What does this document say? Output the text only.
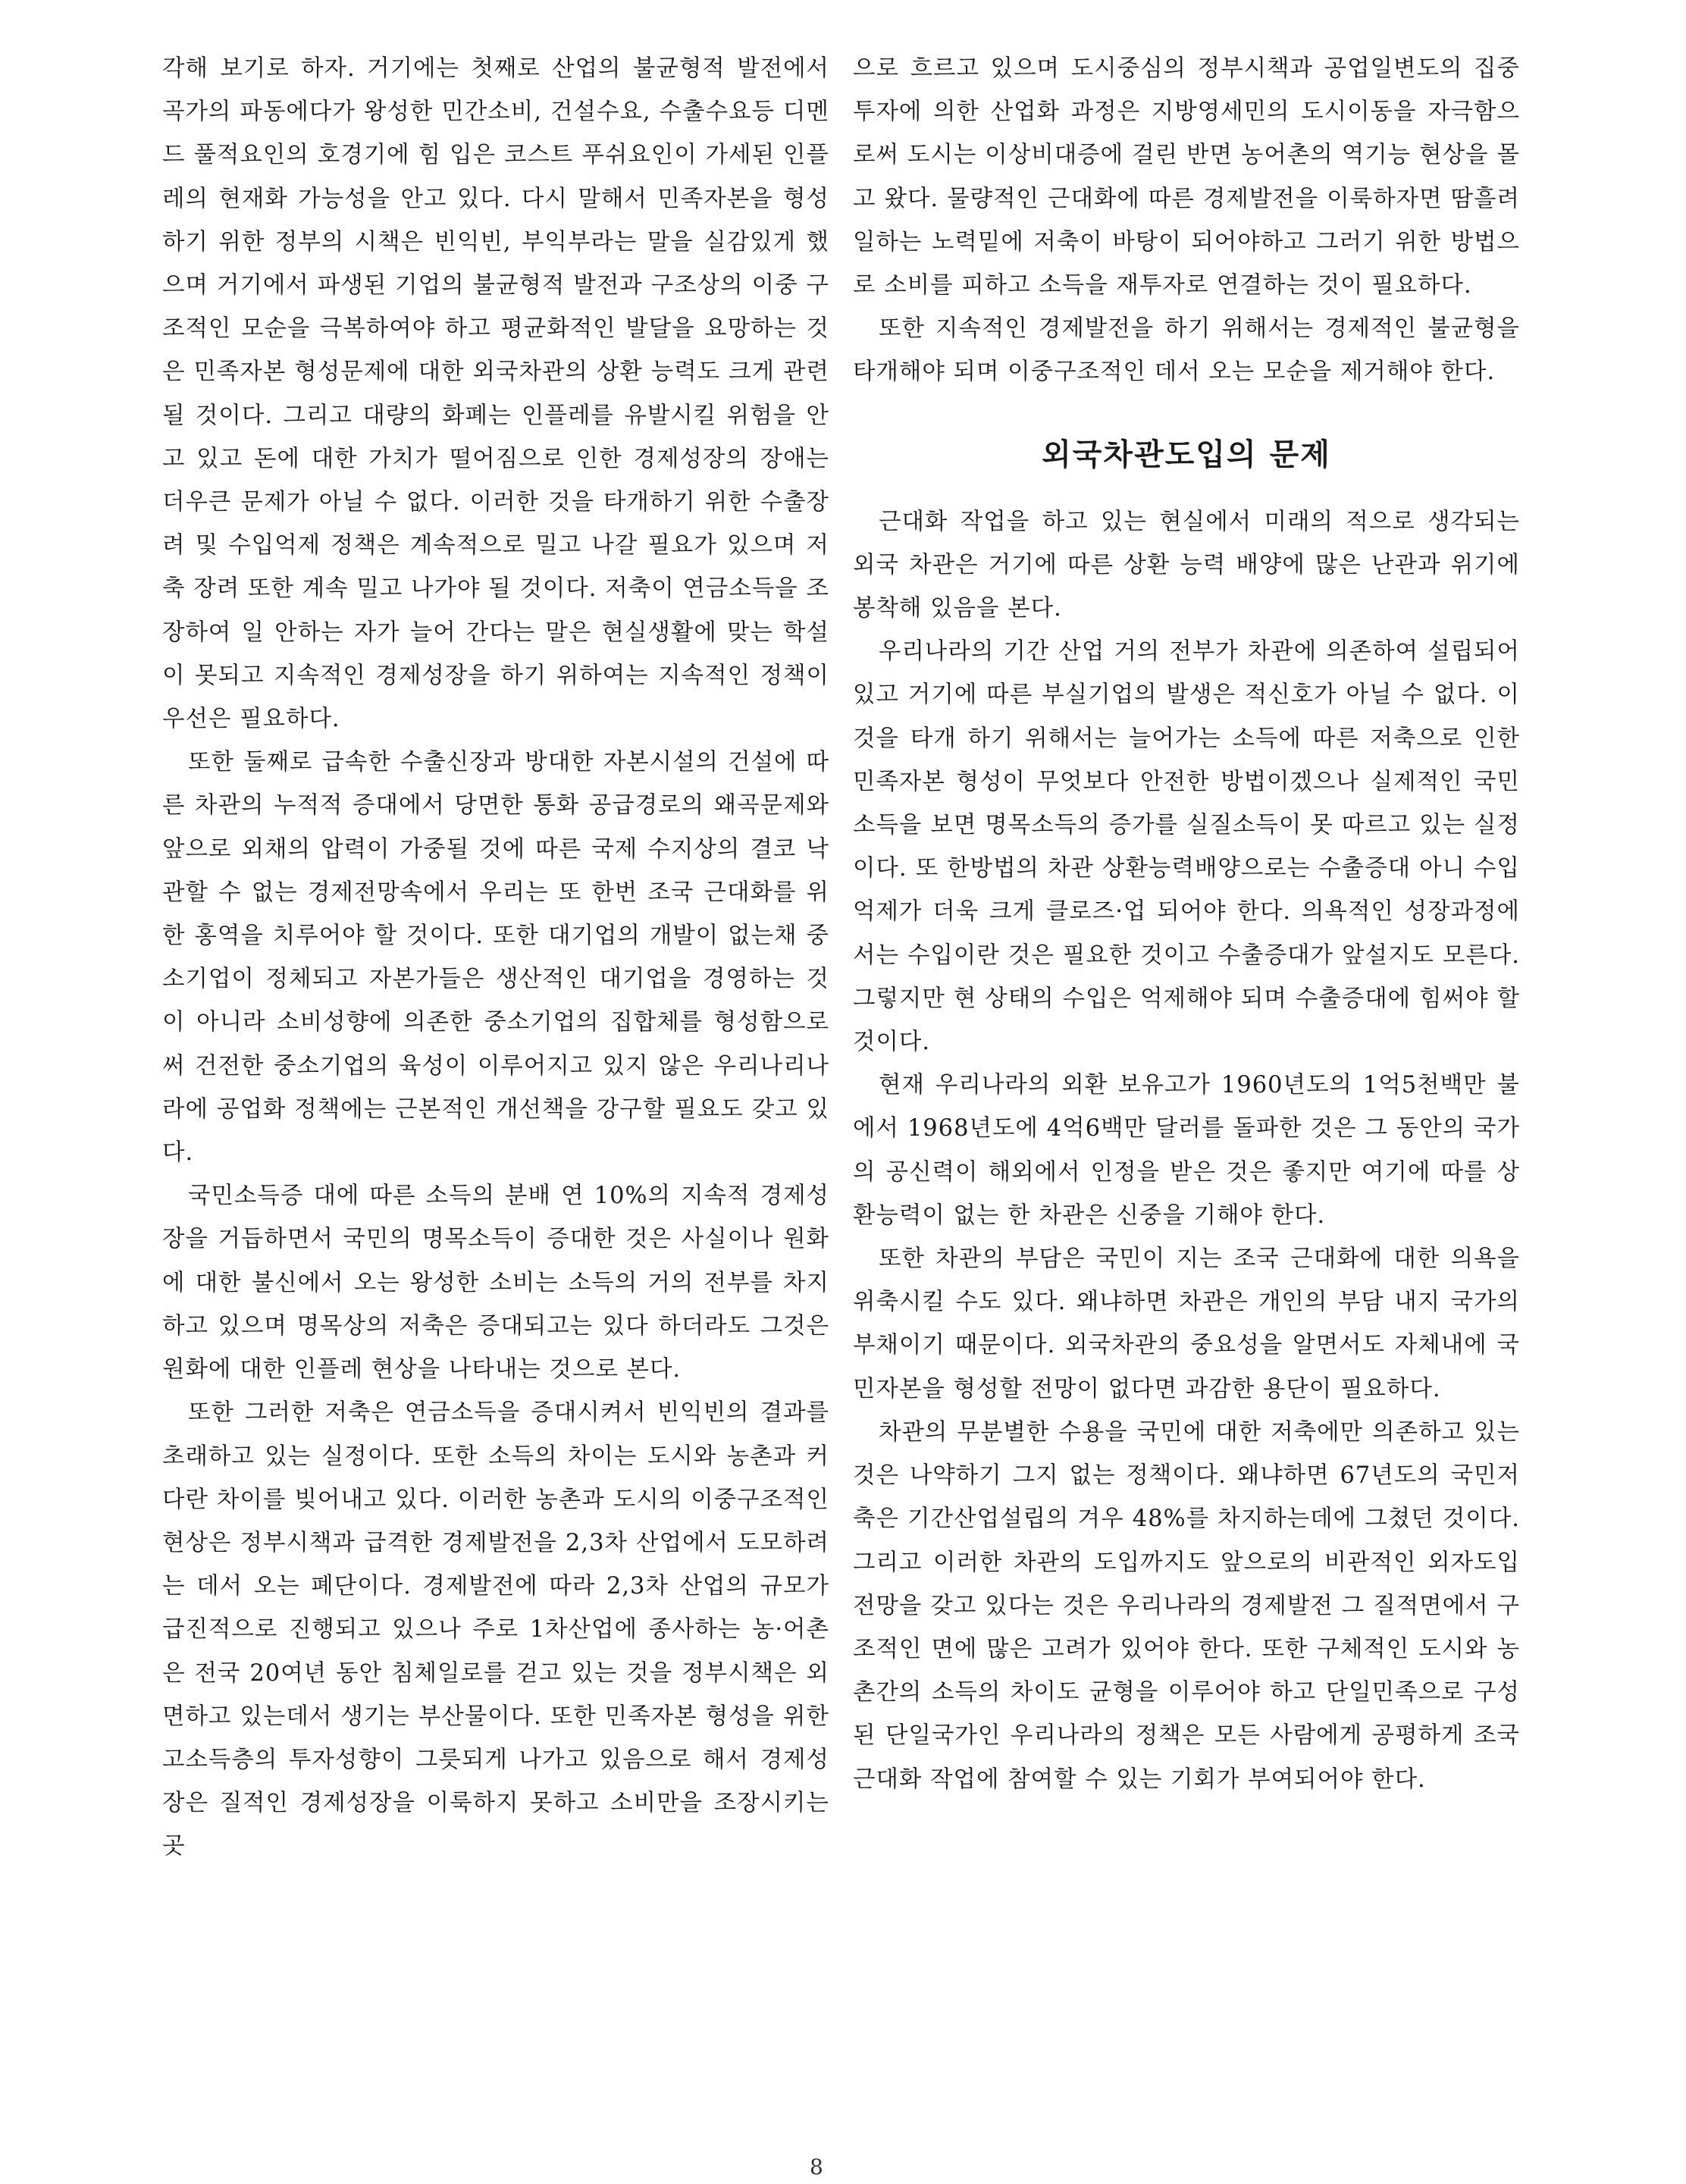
각해 보기로 하자. 거기에는 첫째로 산업의 불균형적 발전에서 곡가의 파동에다가 왕성한 민간소비, 건설수요, 수출수요등 디멘드 풀적요인의 호경기에 힘 입은 코스트 푸쉬요인이 가세된 인플레의 현재화 가능성을 안고 있다. 다시 말해서 민족자본을 형성하기 위한 정부의 시책은 빈익빈, 부익부라는 말을 실감있게 했으며 거기에서 파생된 기업의 불균형적 발전과 구조상의 이중 구조적인 모순을 극복하여야 하고 평균화적인 발달을 요망하는 것은 민족자본 형성문제에 대한 외국차관의 상환 능력도 크게 관련 될 것이다. 그리고 대량의 화폐는 인플레를 유발시킬 위험을 안고 있고 돈에 대한 가치가 떨어짐으로 인한 경제성장의 장애는 더우큰 문제가 아닐 수 없다. 이러한 것을 타개하기 위한 수출장려 및 수입억제 정책은 계속적으로 밀고 나갈 필요가 있으며 저축 장려 또한 계속 밀고 나가야 될 것이다. 저축이 연금소득을 조장하여 일 안하는 자가 늘어 간다는 말은 현실생활에 맞는 학설이 못되고 지속적인 경제성장을 하기 위하여는 지속적인 정책이 우선은 필요하다.

또한 둘째로 급속한 수출신장과 방대한 자본시설의 건설에 따른 차관의 누적적 증대에서 당면한 통화 공급경로의 왜곡문제와 앞으로 외채의 압력이 가중될 것에 따른 국제 수지상의 결코 낙관할 수 없는 경제전망속에서 우리는 또 한번 조국 근대화를 위한 홍역을 치루어야 할 것이다. 또한 대기업의 개발이 없는채 중소기업이 정체되고 자본가들은 생산적인 대기업을 경영하는 것이 아니라 소비성향에 의존한 중소기업의 집합체를 형성함으로써 건전한 중소기업의 육성이 이루어지고 있지 않은 우리나리나라에 공업화 정책에는 근본적인 개선책을 강구할 필요도 갖고 있다.

국민소득증 대에 따른 소득의 분배 연 10%의 지속적 경제성장을 거듭하면서 국민의 명목소득이 증대한 것은 사실이나 원화에 대한 불신에서 오는 왕성한 소비는 소득의 거의 전부를 차지하고 있으며 명목상의 저축은 증대되고는 있다 하더라도 그것은 원화에 대한 인플레 현상을 나타내는 것으로 본다.

또한 그러한 저축은 연금소득을 증대시켜서 빈익빈의 결과를 초래하고 있는 실정이다. 또한 소득의 차이는 도시와 농촌과 커다란 차이를 빚어내고 있다. 이러한 농촌과 도시의 이중구조적인 현상은 정부시책과 급격한 경제발전을 2,3차 산업에서 도모하려는 데서 오는 폐단이다. 경제발전에 따라 2,3차 산업의 규모가 급진적으로 진행되고 있으나 주로 1차산업에 종사하는 농·어촌은 전국 20여년 동안 침체일로를 걷고 있는 것을 정부시책은 외면하고 있는데서 생기는 부산물이다. 또한 민족자본 형성을 위한 고소득층의 투자성향이 그릇되게 나가고 있음으로 해서 경제성장은 질적인 경제성장을 이룩하지 못하고 소비만을 조장시키는 곳

으로 흐르고 있으며 도시중심의 정부시책과 공업일변도의 집중투자에 의한 산업화 과정은 지방영세민의 도시이동을 자극함으로써 도시는 이상비대증에 걸린 반면 농어촌의 역기능 현상을 몰고 왔다. 물량적인 근대화에 따른 경제발전을 이룩하자면 땀흘려 일하는 노력밑에 저축이 바탕이 되어야하고 그러기 위한 방법으로 소비를 피하고 소득을 재투자로 연결하는 것이 필요하다.

또한 지속적인 경제발전을 하기 위해서는 경제적인 불균형을 타개해야 되며 이중구조적인 데서 오는 모순을 제거해야 한다.

외국차관도입의 문제

근대화 작업을 하고 있는 현실에서 미래의 적으로 생각되는 외국 차관은 거기에 따른 상환 능력 배양에 많은 난관과 위기에 봉착해 있음을 본다.

우리나라의 기간 산업 거의 전부가 차관에 의존하여 설립되어 있고 거기에 따른 부실기업의 발생은 적신호가 아닐 수 없다. 이것을 타개 하기 위해서는 늘어가는 소득에 따른 저축으로 인한 민족자본 형성이 무엇보다 안전한 방법이겠으나 실제적인 국민소득을 보면 명목소득의 증가를 실질소득이 못 따르고 있는 실정이다. 또 한방법의 차관 상환능력배양으로는 수출증대 아니 수입억제가 더욱 크게 클로즈·업 되어야 한다. 의욕적인 성장과정에서는 수입이란 것은 필요한 것이고 수출증대가 앞설지도 모른다. 그렇지만 현 상태의 수입은 억제해야 되며 수출증대에 힘써야 할 것이다.

현재 우리나라의 외환 보유고가 1960년도의 1억5천백만 불에서 1968년도에 4억6백만 달러를 돌파한 것은 그 동안의 국가의 공신력이 해외에서 인정을 받은 것은 좋지만 여기에 따를 상환능력이 없는 한 차관은 신중을 기해야 한다.

또한 차관의 부담은 국민이 지는 조국 근대화에 대한 의욕을 위축시킬 수도 있다. 왜냐하면 차관은 개인의 부담 내지 국가의 부채이기 때문이다. 외국차관의 중요성을 알면서도 자체내에 국민자본을 형성할 전망이 없다면 과감한 용단이 필요하다.

차관의 무분별한 수용을 국민에 대한 저축에만 의존하고 있는 것은 나약하기 그지 없는 정책이다. 왜냐하면 67년도의 국민저축은 기간산업설립의 겨우 48%를 차지하는데에 그쳤던 것이다. 그리고 이러한 차관의 도입까지도 앞으로의 비관적인 외자도입 전망을 갖고 있다는 것은 우리나라의 경제발전 그 질적면에서 구조적인 면에 많은 고려가 있어야 한다. 또한 구체적인 도시와 농촌간의 소득의 차이도 균형을 이루어야 하고 단일민족으로 구성된 단일국가인 우리나라의 정책은 모든 사람에게 공평하게 조국근대화 작업에 참여할 수 있는 기회가 부여되어야 한다.

8
